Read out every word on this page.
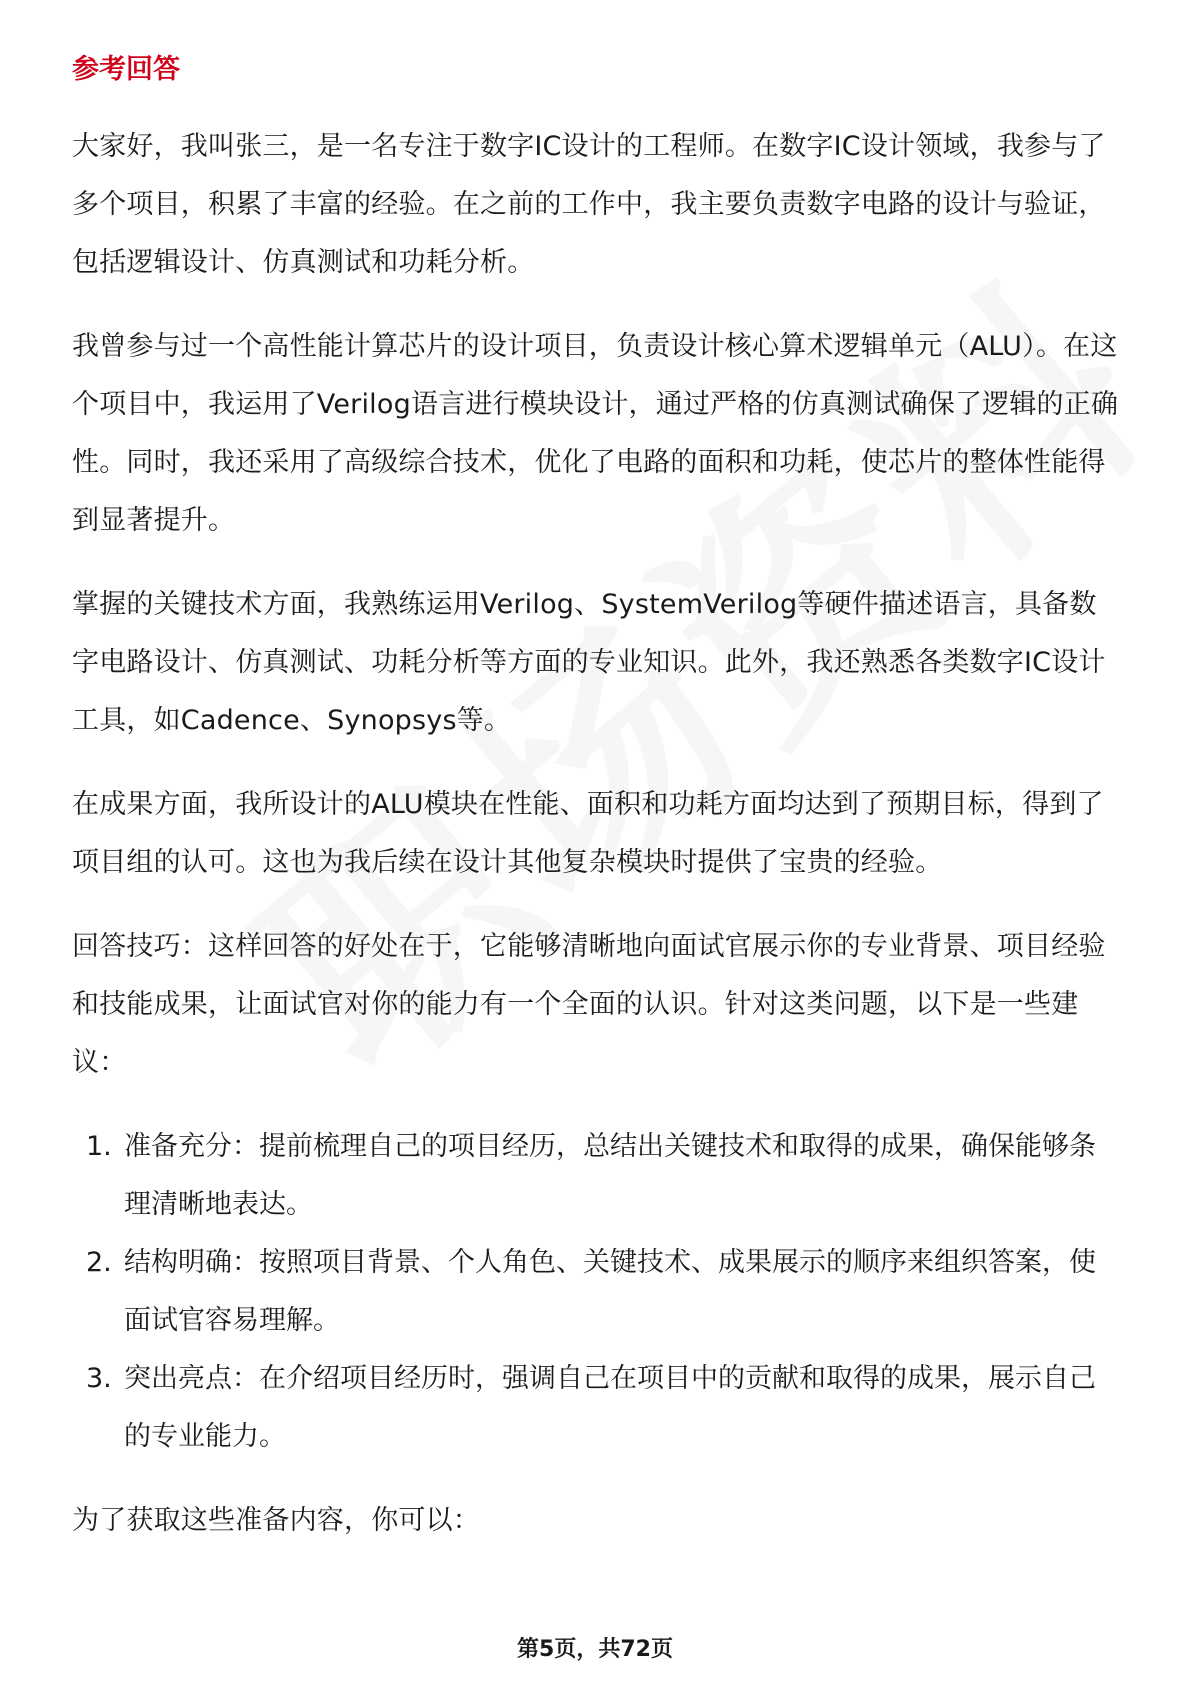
参考回答

大家好，我叫张三，是一名专注于数字IC设计的工程师。在数字IC设计领域，我参与了多个项目，积累了丰富的经验。在之前的工作中，我主要负责数字电路的设计与验证，包括逻辑设计、仿真测试和功耗分析。

我曾参与过一个高性能计算芯片的设计项目，负责设计核心算术逻辑单元（ALU）。在这个项目中，我运用了Verilog语言进行模块设计，通过严格的仿真测试确保了逻辑的正确性。同时，我还采用了高级综合技术，优化了电路的面积和功耗，使芯片的整体性能得到显著提升。

掌握的关键技术方面，我熟练运用Verilog、SystemVerilog等硬件描述语言，具备数字电路设计、仿真测试、功耗分析等方面的专业知识。此外，我还熟悉各类数字IC设计工具，如Cadence、Synopsys等。

在成果方面，我所设计的ALU模块在性能、面积和功耗方面均达到了预期目标，得到了项目组的认可。这也为我后续在设计其他复杂模块时提供了宝贵的经验。

回答技巧：这样回答的好处在于，它能够清晰地向面试官展示你的专业背景、项目经验和技能成果，让面试官对你的能力有一个全面的认识。针对这类问题，以下是一些建议：

1. 准备充分：提前梳理自己的项目经历，总结出关键技术和取得的成果，确保能够条理清晰地表达。
2. 结构明确：按照项目背景、个人角色、关键技术、成果展示的顺序来组织答案，使面试官容易理解。
3. 突出亮点：在介绍项目经历时，强调自己在项目中的贡献和取得的成果，展示自己的专业能力。

为了获取这些准备内容，你可以：

第5页，共72页
